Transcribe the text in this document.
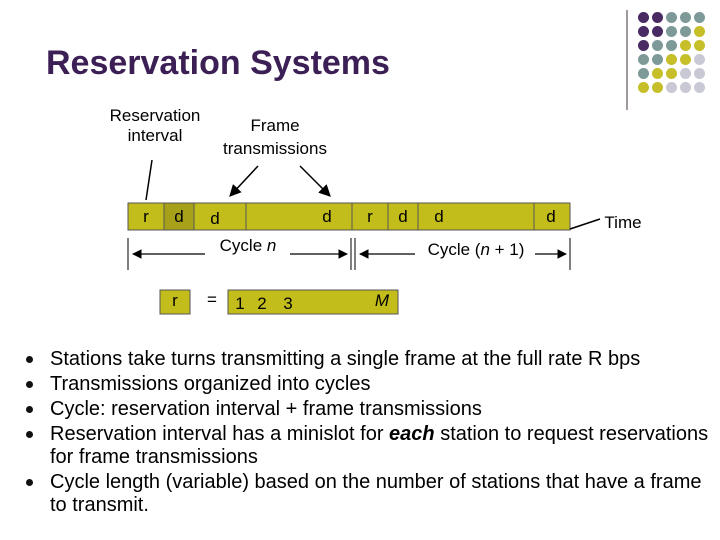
Reservation Systems
Reservation
interval
Frame
transmissions
r	d	d	d	r	d	d	d	Time
Cycle n	Cycle (n + 1)
r	=	1 2 3	M
Stations take turns transmitting a single frame at the full rate R bps
Transmissions organized into cycles
Cycle: reservation interval + frame transmissions
Reservation interval has a minislot for each station to request reservations for frame transmissions
Cycle length (variable) based on the number of stations that have a frame to transmit.
